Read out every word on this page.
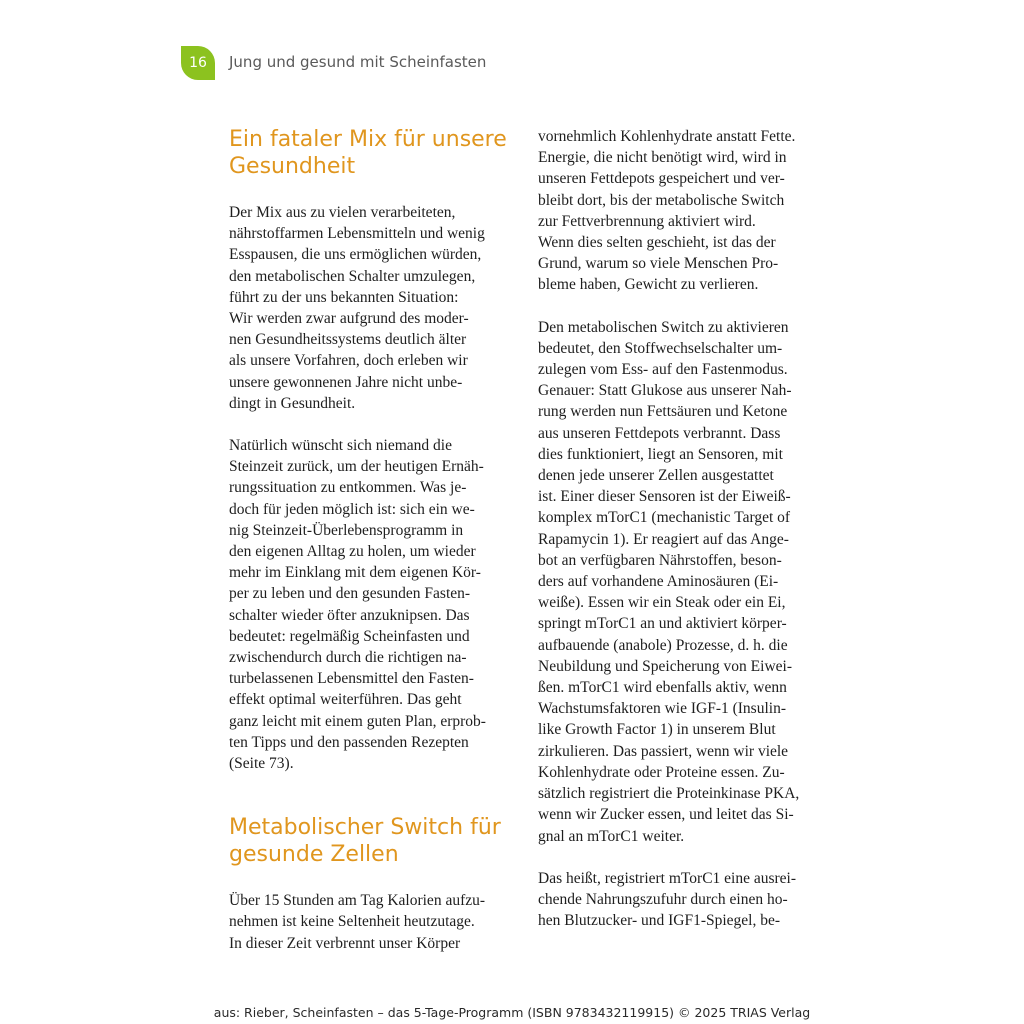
16 Jung und gesund mit Scheinfasten
Ein fataler Mix für unsere
Gesundheit
Der Mix aus zu vielen verarbeiteten,
nährstoffarmen Lebensmitteln und wenig
Esspausen, die uns ermöglichen würden,
den metabolischen Schalter umzulegen,
führt zu der uns bekannten Situation:
Wir werden zwar aufgrund des moder-
nen Gesundheitssystems deutlich älter
als unsere Vorfahren, doch erleben wir
unsere gewonnenen Jahre nicht unbe-
dingt in Gesundheit.
Natürlich wünscht sich niemand die
Steinzeit zurück, um der heutigen Ernäh-
rungssituation zu entkommen. Was je-
doch für jeden möglich ist: sich ein we-
nig Steinzeit-Überlebensprogramm in
den eigenen Alltag zu holen, um wieder
mehr im Einklang mit dem eigenen Kör-
per zu leben und den gesunden Fasten-
schalter wieder öfter anzuknipsen. Das
bedeutet: regelmäßig Scheinfasten und
zwischendurch durch die richtigen na-
turbelassenen Lebensmittel den Fasten-
effekt optimal weiterführen. Das geht
ganz leicht mit einem guten Plan, erprob-
ten Tipps und den passenden Rezepten
(Seite 73).
Metabolischer Switch für
gesunde Zellen
Über 15 Stunden am Tag Kalorien aufzu-
nehmen ist keine Seltenheit heutzutage.
In dieser Zeit verbrennt unser Körper
vornehmlich Kohlenhydrate anstatt Fette.
Energie, die nicht benötigt wird, wird in
unseren Fettdepots gespeichert und ver-
bleibt dort, bis der metabolische Switch
zur Fettverbrennung aktiviert wird.
Wenn dies selten geschieht, ist das der
Grund, warum so viele Menschen Pro-
bleme haben, Gewicht zu verlieren.
Den metabolischen Switch zu aktivieren
bedeutet, den Stoffwechselschalter um-
zulegen vom Ess- auf den Fastenmodus.
Genauer: Statt Glukose aus unserer Nah-
rung werden nun Fettsäuren und Ketone
aus unseren Fettdepots verbrannt. Dass
dies funktioniert, liegt an Sensoren, mit
denen jede unserer Zellen ausgestattet
ist. Einer dieser Sensoren ist der Eiweiß-
komplex mTorC1 (mechanistic Target of
Rapamycin 1). Er reagiert auf das Ange-
bot an verfügbaren Nährstoffen, beson-
ders auf vorhandene Aminosäuren (Ei-
weiße). Essen wir ein Steak oder ein Ei,
springt mTorC1 an und aktiviert körper-
aufbauende (anabole) Prozesse, d. h. die
Neubildung und Speicherung von Eiwei-
ßen. mTorC1 wird ebenfalls aktiv, wenn
Wachstumsfaktoren wie IGF-1 (Insulin-
like Growth Factor 1) in unserem Blut
zirkulieren. Das passiert, wenn wir viele
Kohlenhydrate oder Proteine essen. Zu-
sätzlich registriert die Proteinkinase PKA,
wenn wir Zucker essen, und leitet das Si-
gnal an mTorC1 weiter.
Das heißt, registriert mTorC1 eine ausrei-
chende Nahrungszufuhr durch einen ho-
hen Blutzucker- und IGF1-Spiegel, be-
aus: Rieber, Scheinfasten – das 5-Tage-Programm (ISBN 9783432119915) © 2025 TRIAS Verlag
